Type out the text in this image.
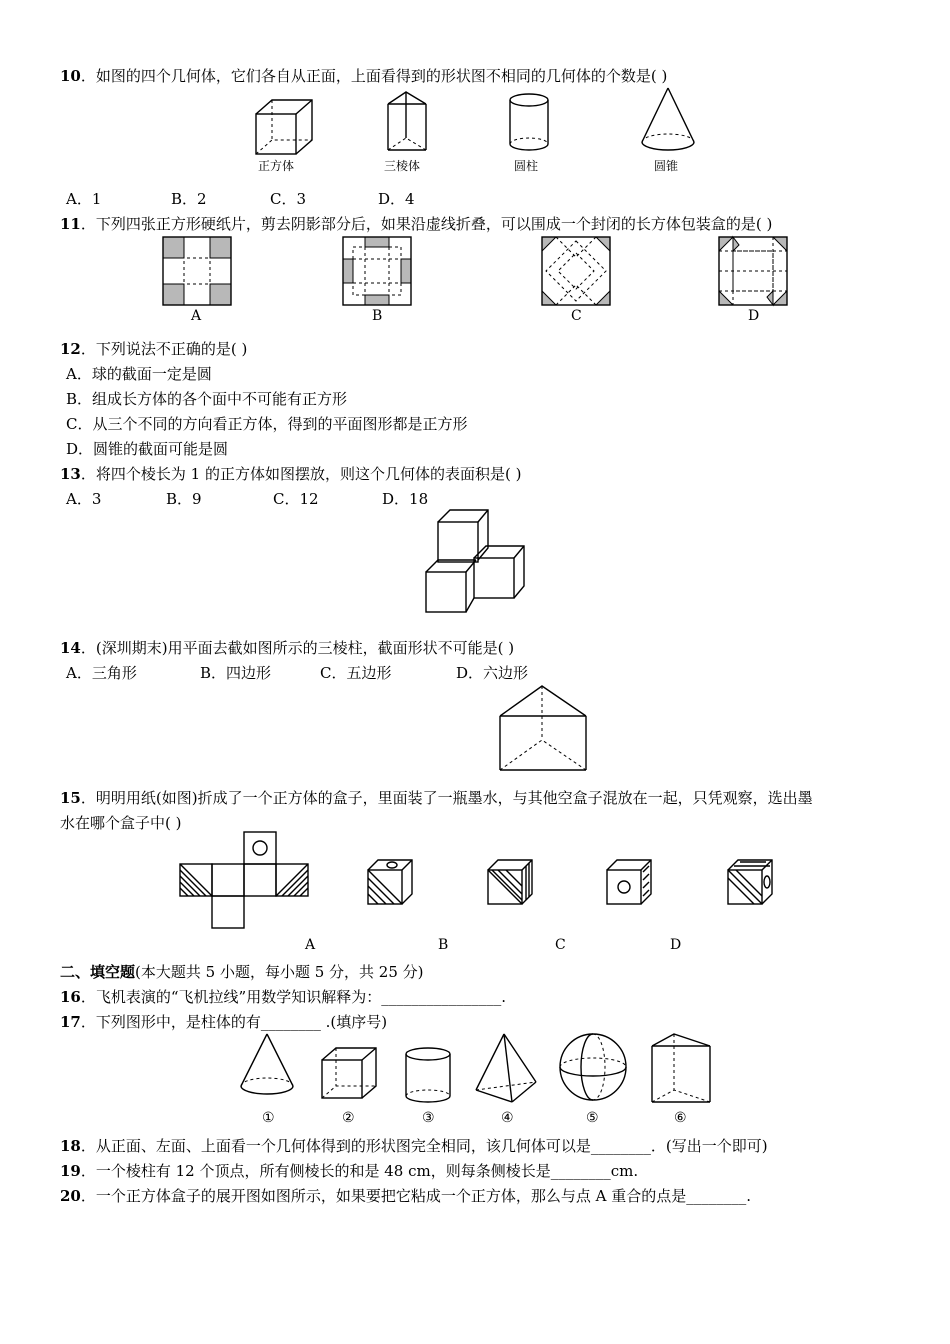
10．如图的四个几何体，它们各自从正面，上面看得到的形状图不相同的几何体的个数是( )
正方体	三棱体	圆柱	圆锥
A．1	B．2	C．3	D．4
11．下列四张正方形硬纸片，剪去阴影部分后，如果沿虚线折叠，可以围成一个封闭的长方体包装盒的是( )
A	B	C	D
12．下列说法不正确的是( )
A．球的截面一定是圆
B．组成长方体的各个面中不可能有正方形
C．从三个不同的方向看正方体，得到的平面图形都是正方形
D．圆锥的截面可能是圆
13．将四个棱长为 1 的正方体如图摆放，则这个几何体的表面积是( )
A．3	B．9	C．12	D．18
14．(深圳期末)用平面去截如图所示的三棱柱，截面形状不可能是( )
A．三角形	B．四边形	C．五边形	D．六边形
15．明明用纸(如图)折成了一个正方体的盒子，里面装了一瓶墨水，与其他空盒子混放在一起，只凭观察，选出墨
水在哪个盒子中( )
A	B	C	D
二、填空题(本大题共 5 小题，每小题 5 分，共 25 分)
16．飞机表演的“飞机拉线”用数学知识解释为：________________.
17．下列图形中，是柱体的有________ .(填序号)
①	②	③	④	⑤	⑥
18．从正面、左面、上面看一个几何体得到的形状图完全相同，该几何体可以是________．(写出一个即可)
19．一个棱柱有 12 个顶点，所有侧棱长的和是 48 cm，则每条侧棱长是________cm.
20．一个正方体盒子的展开图如图所示，如果要把它粘成一个正方体，那么与点 A 重合的点是________.
